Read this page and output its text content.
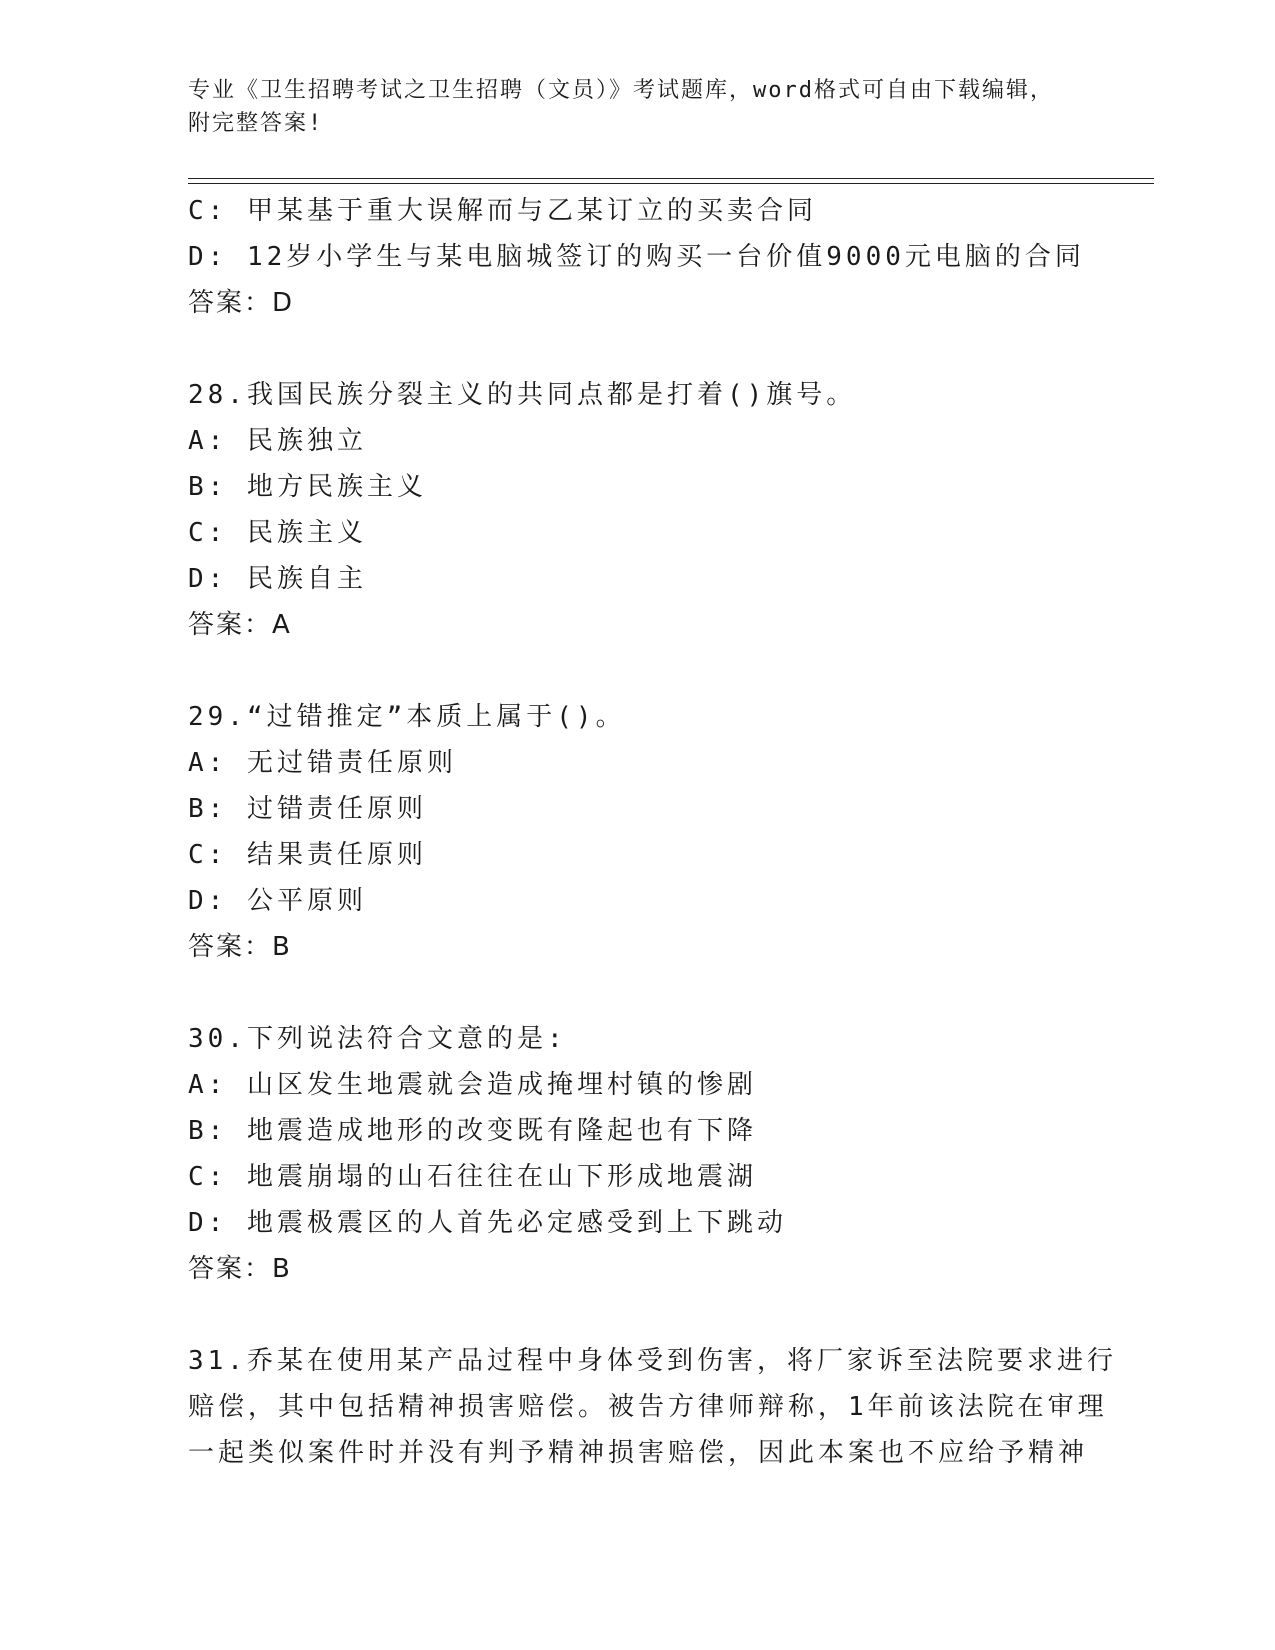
专业《卫生招聘考试之卫生招聘（文员）》考试题库，word格式可自由下载编辑，附完整答案!
C: 甲某基于重大误解而与乙某订立的买卖合同
D: 12岁小学生与某电脑城签订的购买一台价值9000元电脑的合同
答案：D
28.我国民族分裂主义的共同点都是打着()旗号。
A: 民族独立
B: 地方民族主义
C: 民族主义
D: 民族自主
答案：A
29.“过错推定”本质上属于()。
A: 无过错责任原则
B: 过错责任原则
C: 结果责任原则
D: 公平原则
答案：B
30.下列说法符合文意的是:
A: 山区发生地震就会造成掩埋村镇的惨剧
B: 地震造成地形的改变既有隆起也有下降
C: 地震崩塌的山石往往在山下形成地震湖
D: 地震极震区的人首先必定感受到上下跳动
答案：B
31.乔某在使用某产品过程中身体受到伤害，将厂家诉至法院要求进行
赔偿，其中包括精神损害赔偿。被告方律师辩称，1年前该法院在审理
一起类似案件时并没有判予精神损害赔偿，因此本案也不应给予精神
